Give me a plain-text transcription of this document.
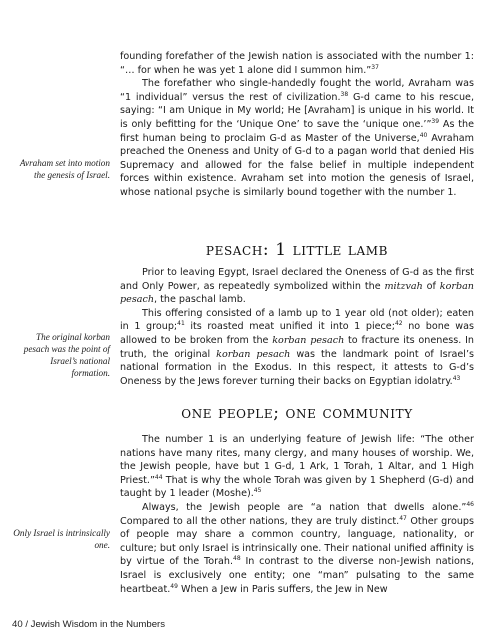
Avraham set into motion the genesis of Israel.
The original korban pesach was the point of Israel’s national formation.
Only Israel is intrinsically one.

founding forefather of the Jewish nation is associated with the number 1: “… for when he was yet 1 alone did I summon him.”$^{37}$

The forefather who single-handedly fought the world, Avraham was “1 individual” versus the rest of civilization.$^{38}$ G-d came to his rescue, saying: “I am Unique in My world; He [Avraham] is unique in his world. It is only befitting for the ‘Unique One’ to save the ‘unique one.’”$^{39}$ As the first human being to proclaim G-d as Master of the Universe,$^{40}$ Avraham preached the Oneness and Unity of G-d to a pagan world that denied His Supremacy and allowed for the false belief in multiple independent forces within existence. Avraham set into motion the genesis of Israel, whose national psyche is similarly bound together with the number 1.

pesach: 1 little lamb

Prior to leaving Egypt, Israel declared the Oneness of G-d as the first and Only Power, as repeatedly symbolized within the mitzvah of korban pesach, the paschal lamb.

This offering consisted of a lamb up to 1 year old (not older); eaten in 1 group;$^{41}$ its roasted meat unified it into 1 piece;$^{42}$ no bone was allowed to be broken from the korban pesach to fracture its oneness. In truth, the original korban pesach was the landmark point of Israel’s national formation in the Exodus. In this respect, it attests to G-d’s Oneness by the Jews forever turning their backs on Egyptian idolatry.$^{43}$

one people; one community

The number 1 is an underlying feature of Jewish life: “The other nations have many rites, many clergy, and many houses of worship. We, the Jewish people, have but 1 G-d, 1 Ark, 1 Torah, 1 Altar, and 1 High Priest.”$^{44}$ That is why the whole Torah was given by 1 Shepherd (G-d) and taught by 1 leader (Moshe).$^{45}$

Always, the Jewish people are “a nation that dwells alone.”$^{46}$ Compared to all the other nations, they are truly distinct.$^{47}$ Other groups of people may share a common country, language, nationality, or culture; but only Israel is intrinsically one. Their national unified affinity is by virtue of the Torah.$^{48}$ In contrast to the diverse non-Jewish nations, Israel is exclusively one entity; one “man” pulsating to the same heartbeat.$^{49}$ When a Jew in Paris suffers, the Jew in New

40 / Jewish Wisdom in the Numbers
